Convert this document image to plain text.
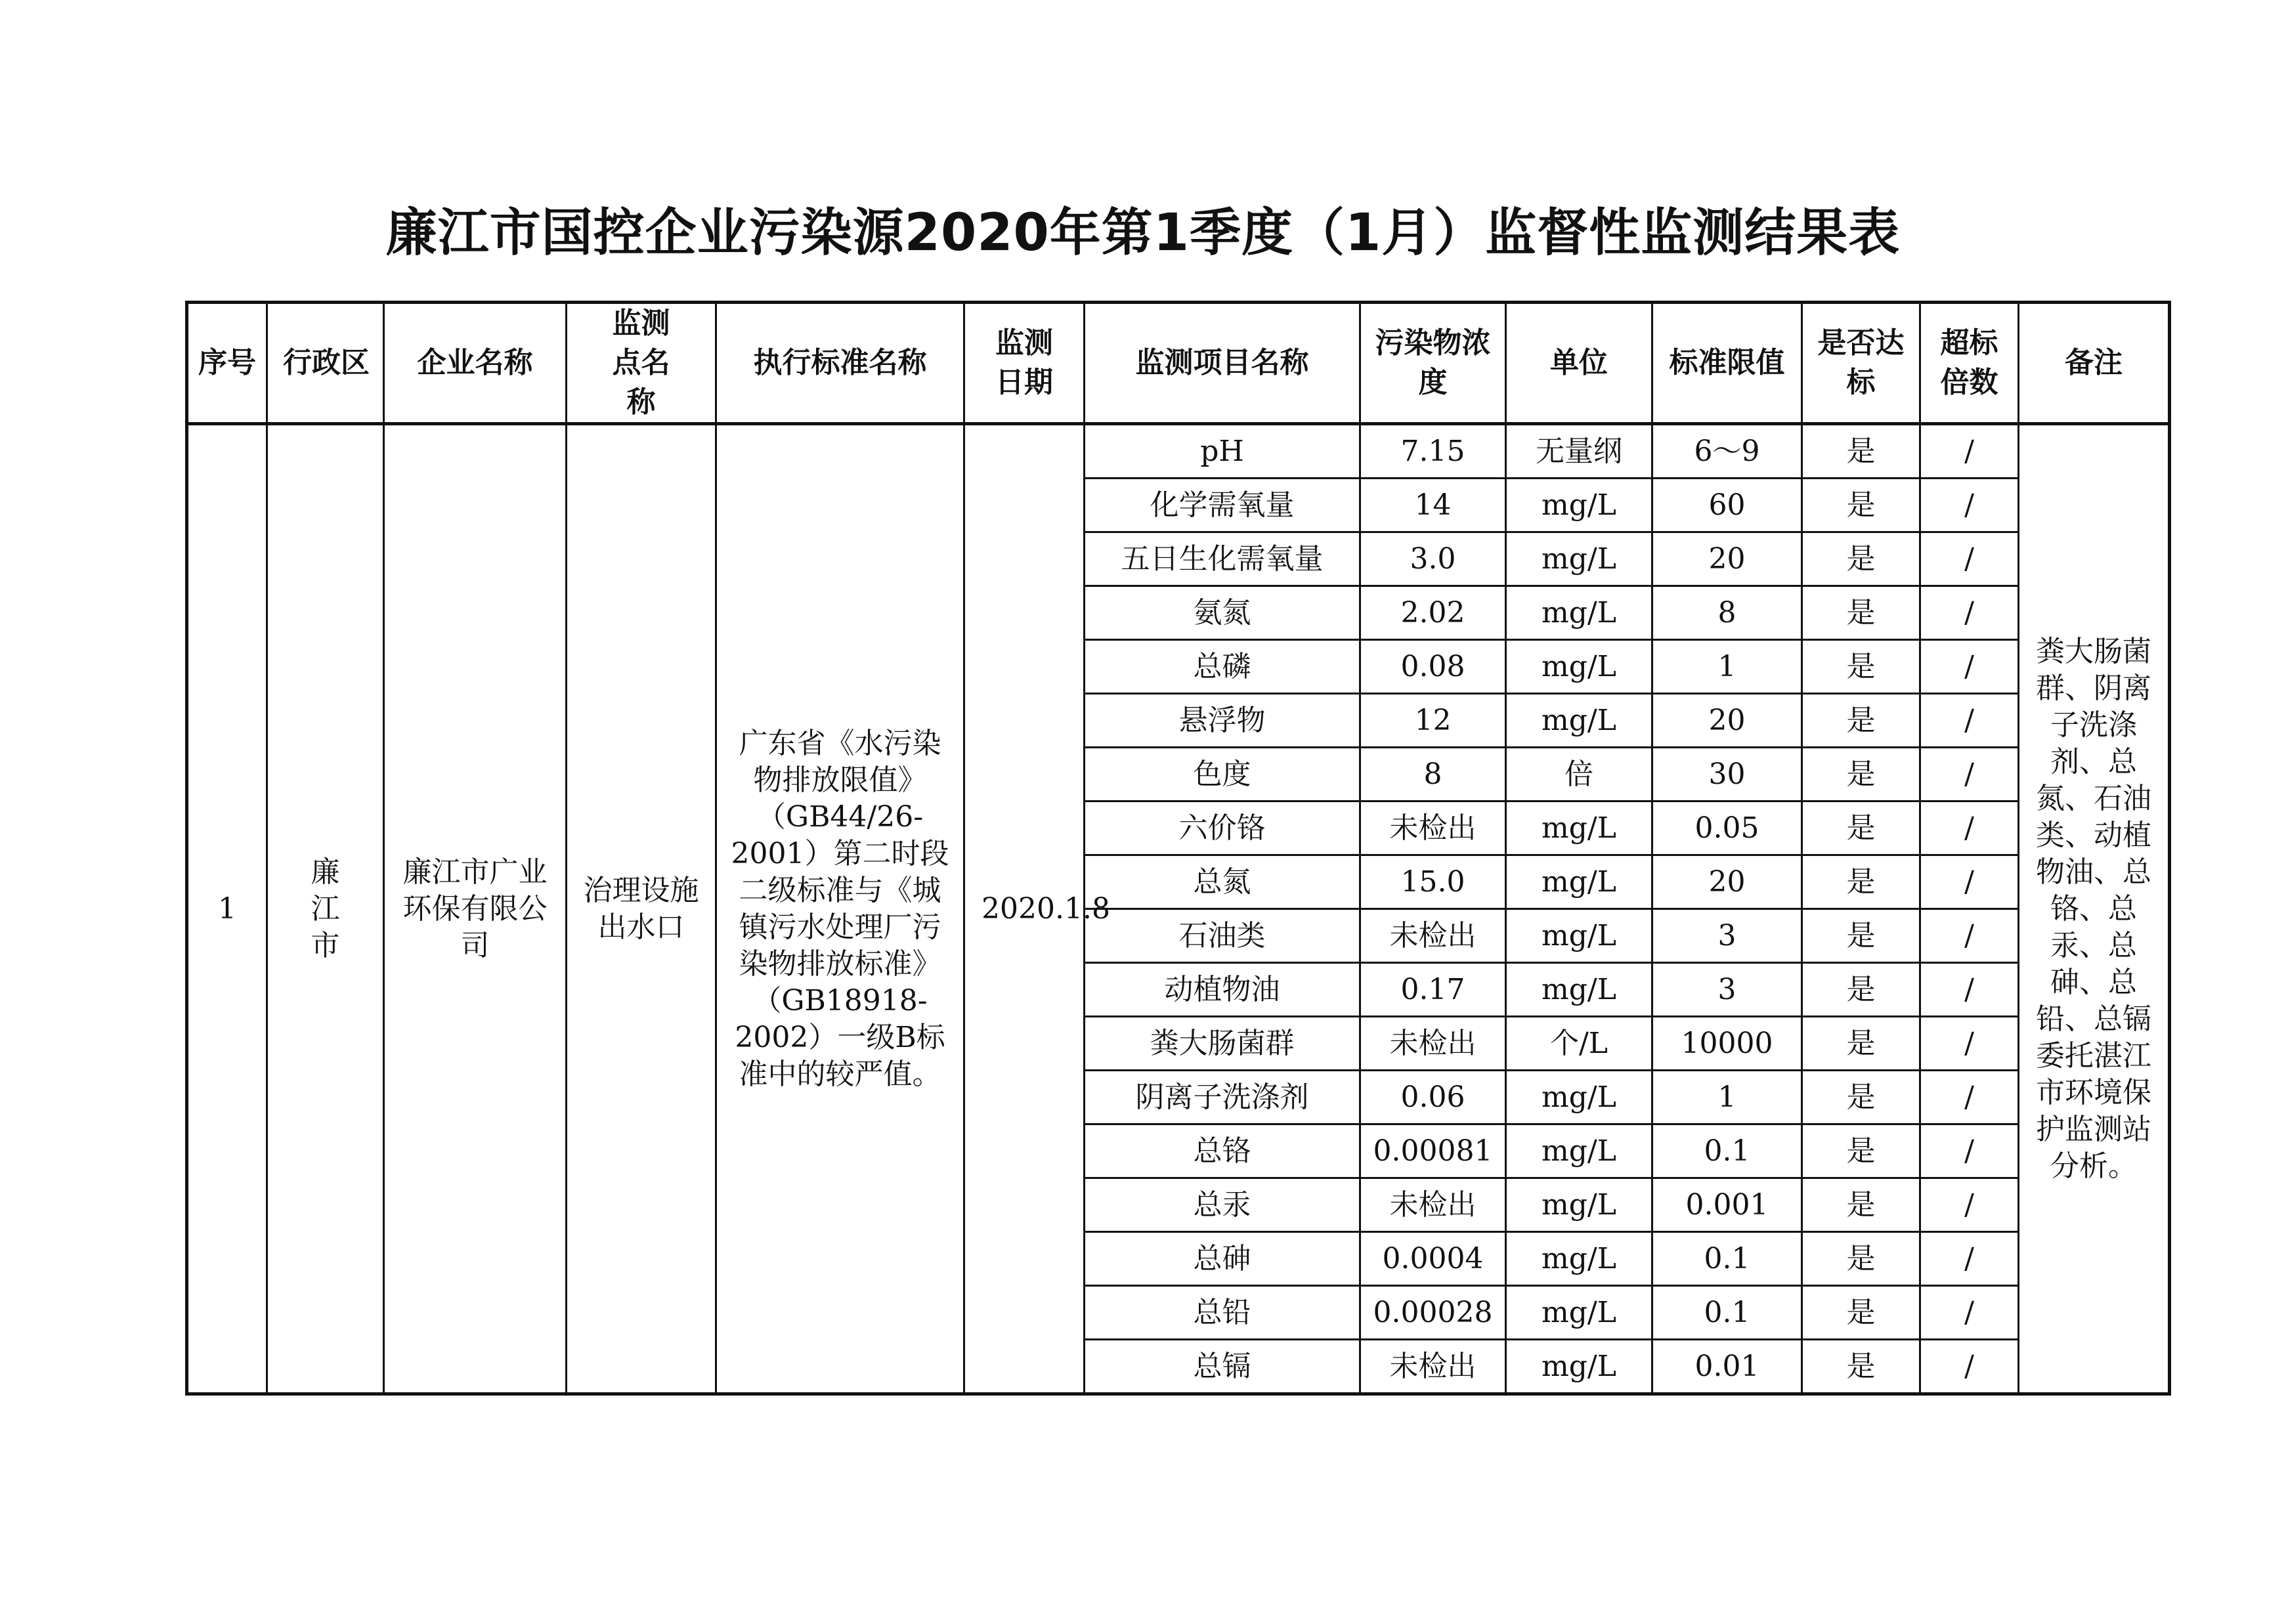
廉江市国控企业污染源2020年第1季度（1月）监督性监测结果表
序号	行政区	企业名称	监测点名称	执行标准名称	监测日期	监测项目名称	污染物浓度	单位	标准限值	是否达标	超标倍数	备注
1	廉江市	廉江市广业环保有限公司	治理设施出水口	广东省《水污染物排放限值》（GB44/26-2001）第二时段二级标准与《城镇污水处理厂污染物排放标准》（GB18918-2002）一级B标准中的较严值。	2020.1.8	pH	7.15	无量纲	6～9	是	/	粪大肠菌群、阴离子洗涤剂、总氮、石油类、动植物油、总铬、总汞、总砷、总铅、总镉委托湛江市环境保护监测站分析。
						化学需氧量	14	mg/L	60	是	/	
						五日生化需氧量	3.0	mg/L	20	是	/	
						氨氮	2.02	mg/L	8	是	/	
						总磷	0.08	mg/L	1	是	/	
						悬浮物	12	mg/L	20	是	/	
						色度	8	倍	30	是	/	
						六价铬	未检出	mg/L	0.05	是	/	
						总氮	15.0	mg/L	20	是	/	
						石油类	未检出	mg/L	3	是	/	
						动植物油	0.17	mg/L	3	是	/	
						粪大肠菌群	未检出	个/L	10000	是	/	
						阴离子洗涤剂	0.06	mg/L	1	是	/	
						总铬	0.00081	mg/L	0.1	是	/	
						总汞	未检出	mg/L	0.001	是	/	
						总砷	0.0004	mg/L	0.1	是	/	
						总铅	0.00028	mg/L	0.1	是	/	
						总镉	未检出	mg/L	0.01	是	/	
